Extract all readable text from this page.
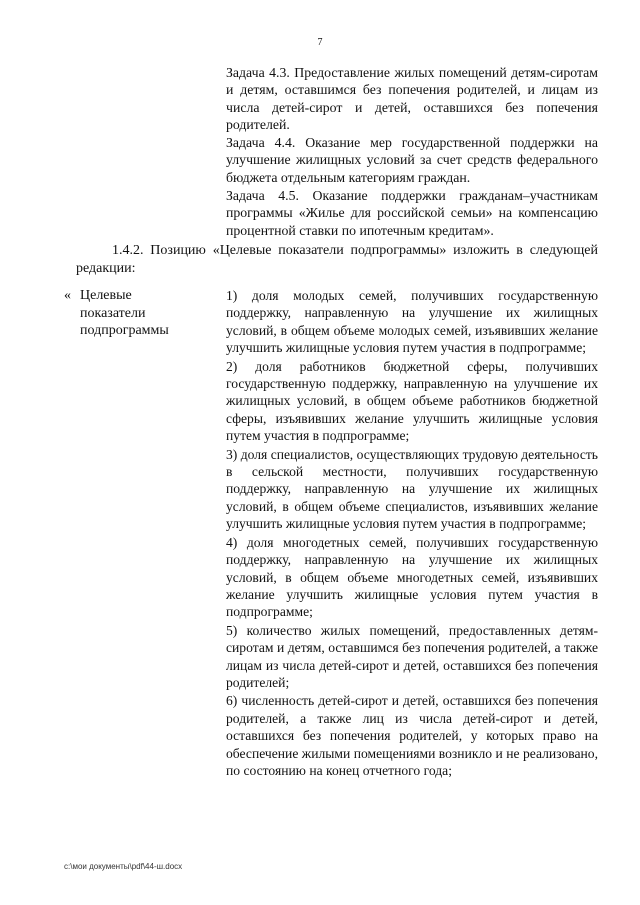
7

Задача 4.3. Предоставление жилых помещений детям-сиротам и детям, оставшимся без попечения родителей, и лицам из числа детей-сирот и детей, оставшихся без попечения родителей.

Задача 4.4. Оказание мер государственной поддержки на улучшение жилищных условий за счет средств федерального бюджета отдельным категориям граждан.

Задача 4.5. Оказание поддержки гражданам–участникам программы «Жилье для российской семьи» на компенсацию процентной ставки по ипотечным кредитам».

1.4.2. Позицию «Целевые показатели подпрограммы» изложить в следующей редакции:

« Целевые
показатели
подпрограммы

1) доля молодых семей, получивших государственную поддержку, направленную на улучшение их жилищных условий, в общем объеме молодых семей, изъявивших желание улучшить жилищные условия путем участия в подпрограмме;

2) доля работников бюджетной сферы, получивших государственную поддержку, направленную на улучшение их жилищных условий, в общем объеме работников бюджетной сферы, изъявивших желание улучшить жилищные условия путем участия в подпрограмме;

3) доля специалистов, осуществляющих трудовую деятельность в сельской местности, получивших государственную поддержку, направленную на улучшение их жилищных условий, в общем объеме специалистов, изъявивших желание улучшить жилищные условия путем участия в подпрограмме;

4) доля многодетных семей, получивших государственную поддержку, направленную на улучшение их жилищных условий, в общем объеме многодетных семей, изъявивших желание улучшить жилищные условия путем участия в подпрограмме;

5) количество жилых помещений, предоставленных детям-сиротам и детям, оставшимся без попечения родителей, а также лицам из числа детей-сирот и детей, оставшихся без попечения родителей;

6) численность детей-сирот и детей, оставшихся без попечения родителей, а также лиц из числа детей-сирот и детей, оставшихся без попечения родителей, у которых право на обеспечение жилыми помещениями возникло и не реализовано, по состоянию на конец отчетного года;

c:\мои документы\pdf\44-ш.docx
